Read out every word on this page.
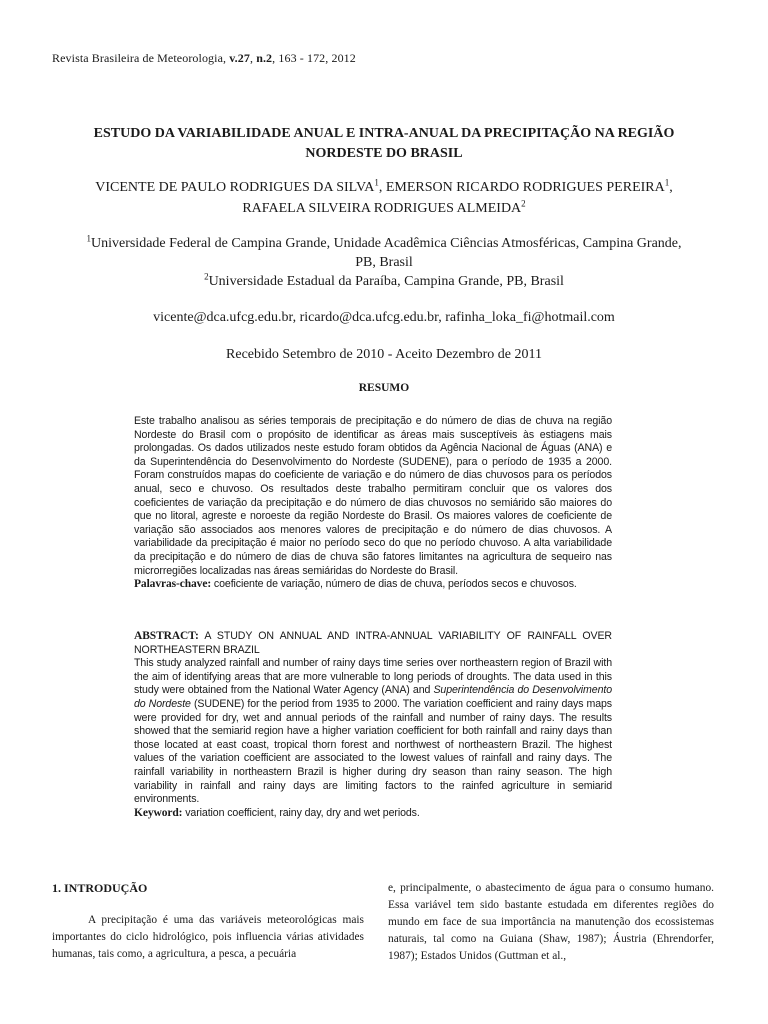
Revista Brasileira de Meteorologia, v.27, n.2, 163 - 172, 2012
ESTUDO DA VARIABILIDADE ANUAL E INTRA-ANUAL DA PRECIPITAÇÃO NA REGIÃO
NORDESTE DO BRASIL
VICENTE DE PAULO RODRIGUES DA SILVA$^1$, EMERSON RICARDO RODRIGUES PEREIRA$^1$,
RAFAELA SILVEIRA RODRIGUES ALMEIDA$^2$
$^1$Universidade Federal de Campina Grande, Unidade Acadêmica Ciências Atmosféricas, Campina Grande,
PB, Brasil
$^2$Universidade Estadual da Paraíba, Campina Grande, PB, Brasil
vicente@dca.ufcg.edu.br, ricardo@dca.ufcg.edu.br, rafinha_loka_fi@hotmail.com
Recebido Setembro de 2010 - Aceito Dezembro de 2011
RESUMO

Este trabalho analisou as séries temporais de precipitação e do número de dias de chuva na região Nordeste do Brasil com o propósito de identificar as áreas mais susceptíveis às estiagens mais prolongadas. Os dados utilizados neste estudo foram obtidos da Agência Nacional de Águas (ANA) e da Superintendência do Desenvolvimento do Nordeste (SUDENE), para o período de 1935 a 2000. Foram construídos mapas do coeficiente de variação e do número de dias chuvosos para os períodos anual, seco e chuvoso. Os resultados deste trabalho permitiram concluir que os valores dos coeficientes de variação da precipitação e do número de dias chuvosos no semiárido são maiores do que no litoral, agreste e noroeste da região Nordeste do Brasil. Os maiores valores de coeficiente de variação são associados aos menores valores de precipitação e do número de dias chuvosos. A variabilidade da precipitação é maior no período seco do que no período chuvoso. A alta variabilidade da precipitação e do número de dias de chuva são fatores limitantes na agricultura de sequeiro nas microrregiões localizadas nas áreas semiáridas do Nordeste do Brasil.

Palavras-chave: coeficiente de variação, número de dias de chuva, períodos secos e chuvosos.

ABSTRACT: A STUDY ON ANNUAL AND INTRA-ANNUAL VARIABILITY OF RAINFALL OVER NORTHEASTERN BRAZIL

This study analyzed rainfall and number of rainy days time series over northeastern region of Brazil with the aim of identifying areas that are more vulnerable to long periods of droughts. The data used in this study were obtained from the National Water Agency (ANA) and Superintendência do Desenvolvimento do Nordeste (SUDENE) for the period from 1935 to 2000. The variation coefficient and rainy days maps were provided for dry, wet and annual periods of the rainfall and number of rainy days. The results showed that the semiarid region have a higher variation coefficient for both rainfall and rainy days than those located at east coast, tropical thorn forest and northwest of northeastern Brazil. The highest values of the variation coefficient are associated to the lowest values of rainfall and rainy days. The rainfall variability in northeastern Brazil is higher during dry season than rainy season. The high variability in rainfall and rainy days are limiting factors to the rainfed agriculture in semiarid environments.

Keyword: variation coefficient, rainy day, dry and wet periods.

1. INTRODUÇÃO

A precipitação é uma das variáveis meteorológicas mais importantes do ciclo hidrológico, pois influencia várias atividades humanas, tais como, a agricultura, a pesca, a pecuária

e, principalmente, o abastecimento de água para o consumo humano. Essa variável tem sido bastante estudada em diferentes regiões do mundo em face de sua importância na manutenção dos ecossistemas naturais, tal como na Guiana (Shaw, 1987); Áustria (Ehrendorfer, 1987); Estados Unidos (Guttman et al.,
